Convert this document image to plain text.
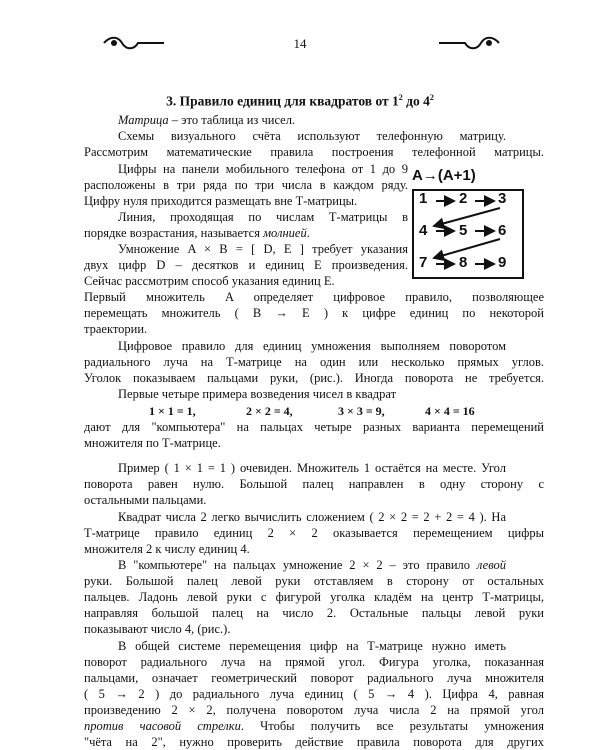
14
3. Правило единиц для квадратов от $1^2$ до $4^2$
A→(A+1)
1 2 3
4 5 6
7 8 9
Матрица – это таблица из чисел.
Схемы визуального счёта используют телефонную матрицу.
Рассмотрим математические правила построения телефонной матрицы.
Цифры на панели мобильного телефона от 1 до 9
расположены в три ряда по три числа в каждом ряду.
Цифру нуля приходится размещать вне Т-матрицы.
Линия, проходящая по числам Т-матрицы в
порядке возрастания, называется молнией.
Умножение A × B = [ D, E ] требует указания
двух цифр D – десятков и единиц E произведения.
Сейчас рассмотрим способ указания единиц E.
Первый множитель A определяет цифровое правило, позволяющее
перемещать множитель ( B → E ) к цифре единиц по некоторой
траектории.
Цифровое правило для единиц умножения выполняем поворотом
радиального луча на Т-матрице на один или несколько прямых углов.
Уголок показываем пальцами руки, (рис.). Иногда поворота не требуется.
Первые четыре примера возведения чисел в квадрат
1 × 1 = 1,	2 × 2 = 4,	3 × 3 = 9,	4 × 4 = 16
дают для "компьютера" на пальцах четыре разных варианта перемещений
множителя по Т-матрице.
Пример ( 1 × 1 = 1 ) очевиден. Множитель 1 остаётся на месте. Угол
поворота равен нулю. Большой палец направлен в одну сторону с
остальными пальцами.
Квадрат числа 2 легко вычислить сложением ( 2 × 2 = 2 + 2 = 4 ). На
Т-матрице правило единиц 2 × 2 оказывается перемещением цифры
множителя 2 к числу единиц 4.
В "компьютере" на пальцах умножение 2 × 2 – это правило левой
руки. Большой палец левой руки отставляем в сторону от остальных
пальцев. Ладонь левой руки с фигурой уголка кладём на центр Т-матрицы,
направляя большой палец на число 2. Остальные пальцы левой руки
показывают число 4, (рис.).
В общей системе перемещения цифр на Т-матрице нужно иметь
поворот радиального луча на прямой угол. Фигура уголка, показанная
пальцами, означает геометрический поворот радиального луча множителя
( 5 → 2 ) до радиального луча единиц ( 5 → 4 ). Цифра 4, равная
произведению 2 × 2, получена поворотом луча числа 2 на прямой угол
против часовой стрелки. Чтобы получить все результаты умножения
"чётa на 2", нужно проверить действие правила поворота для других
